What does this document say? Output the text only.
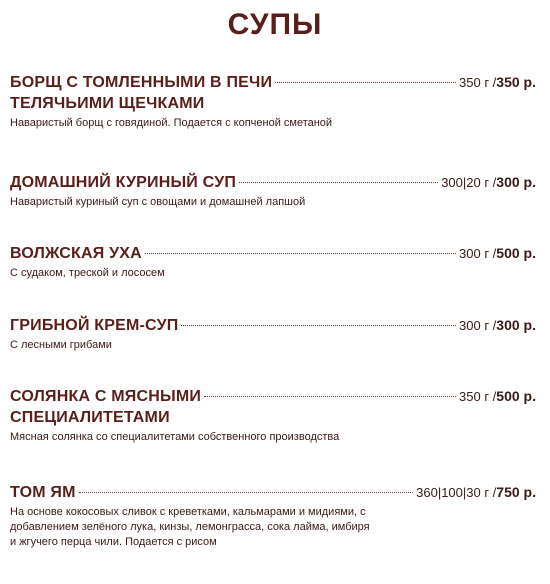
СУПЫ
БОРЩ С ТОМЛЕННЫМИ В ПЕЧИ	350 г /350 р.
ТЕЛЯЧЬИМИ ЩЕЧКАМИ
Наваристый борщ с говядиной. Подается с копченой сметаной
ДОМАШНИЙ КУРИНЫЙ СУП	300|20 г /300 р.
Наваристый куриный суп с овощами и домашней лапшой
ВОЛЖСКАЯ УХА	300 г /500 р.
С судаком, треской и лососем
ГРИБНОЙ КРЕМ-СУП	300 г /300 р.
С лесными грибами
СОЛЯНКА С МЯСНЫМИ	350 г /500 р.
СПЕЦИАЛИТЕТАМИ
Мясная солянка со специалитетами собственного производства
ТОМ ЯМ	360|100|30 г /750 р.
На основе кокосовых сливок с креветками, кальмарами и мидиями, с добавлением зелёного лука, кинзы, лемонграсса, сока лайма, имбиря и жгучего перца чили. Подается с рисом
